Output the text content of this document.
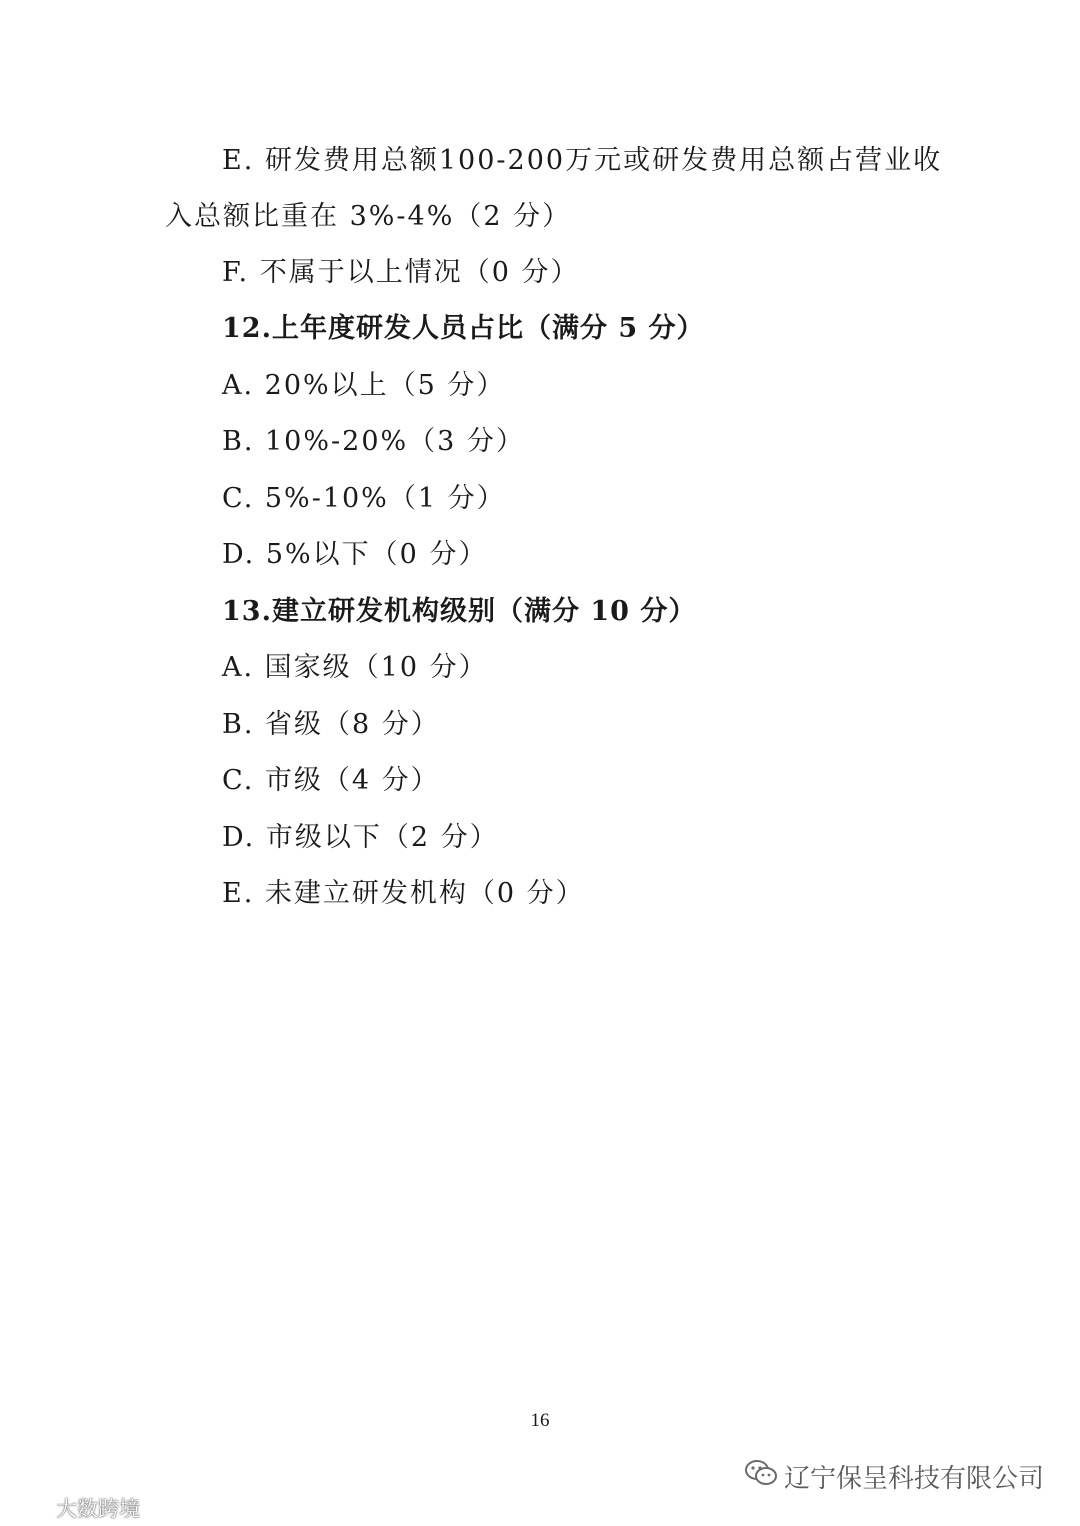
E. 研发费用总额100-200万元或研发费用总额占营业收
入总额比重在 3%-4%（2 分）
F. 不属于以上情况（0 分）
12.上年度研发人员占比（满分 5 分）
A. 20%以上（5 分）
B. 10%-20%（3 分）
C. 5%-10%（1 分）
D. 5%以下（0 分）
13.建立研发机构级别（满分 10 分）
A. 国家级（10 分）
B. 省级（8 分）
C. 市级（4 分）
D. 市级以下（2 分）
E. 未建立研发机构（0 分）
16
辽宁保呈科技有限公司
大数跨境
